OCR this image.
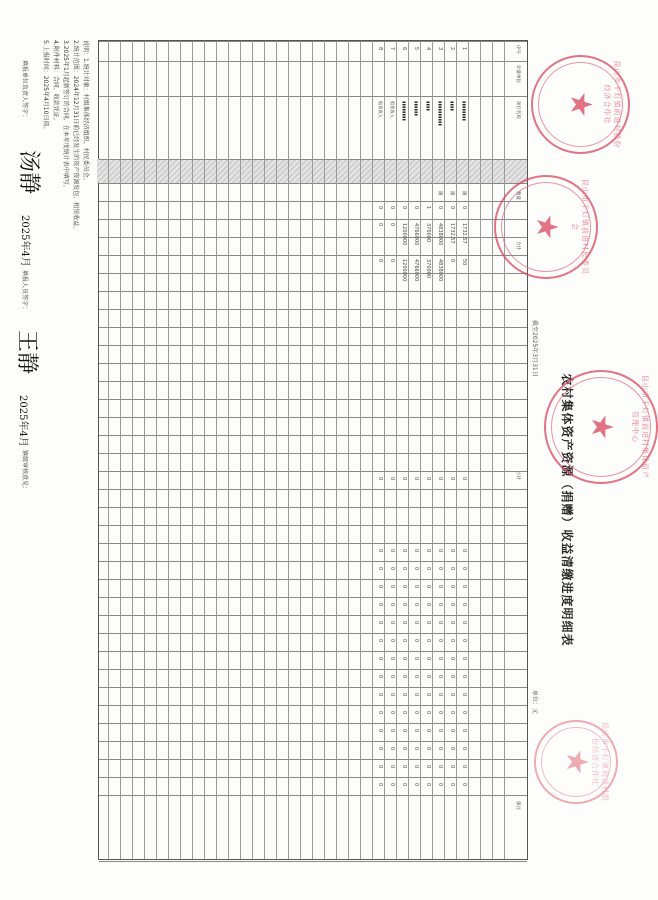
农村集体资产资源（捐赠）收益清缴进度明细表
截至2025年3月31日
单位：元
序号
计量单位
项目名称
数量
合计
小计
备注
1
▮▮▮▮▮▮▮▮
隆
0
1732.57
50
0
0
0
0
0
0
0
0
0
0
0
0
0
0
0
2
▮▮▮▮
隆
0
1732.57
0
0
0
0
0
0
0
0
0
0
0
0
0
0
0
0
3
▮▮▮▮▮▮▮▮▮▮
隆
0
4838000
4838000
0
0
0
0
0
0
0
0
0
0
0
0
0
0
0
4
▮▮▮▮
1
370000
370000
0
0
0
0
0
0
0
0
0
0
0
0
0
0
0
5
▮▮▮▮▮▮
0
4766000
4766000
0
0
0
0
0
0
0
0
0
0
0
0
0
0
0
6
▮▮▮▮▮▮▮▮
0
1200000
1200000
0
0
0
0
0
0
0
0
0
0
0
0
0
0
0
7
租赁收入
0
0
0
0
0
0
0
0
0
0
0
0
0
0
0
0
0
0
8
租赁收入
0
0
0
0
0
0
0
0
0
0
0
0
0
0
0
0
0
0
说明：1.统计对象：村级集体经济组织、村民委员会。
2.统计范围：2024年12月31日前已经发生的资产资源发包、租赁收益。
3.2025年1月起新签订的合同，在本年度统计表中填写。
4.附件材料：合同、收款凭证。
5.上报时间：2025年4月10日前。
填报单位负责人签字：
汤静
2025年4月
填报人员签字：
王静
2025年4月
镇级审核意见：
昆山市千灯镇前进村股份经济合作社
★
昆山市千灯镇前进村民委员会
★
昆山市千灯镇前进村集体资产管理中心
★
昆山市千灯镇前进村股份经济合作社
★
